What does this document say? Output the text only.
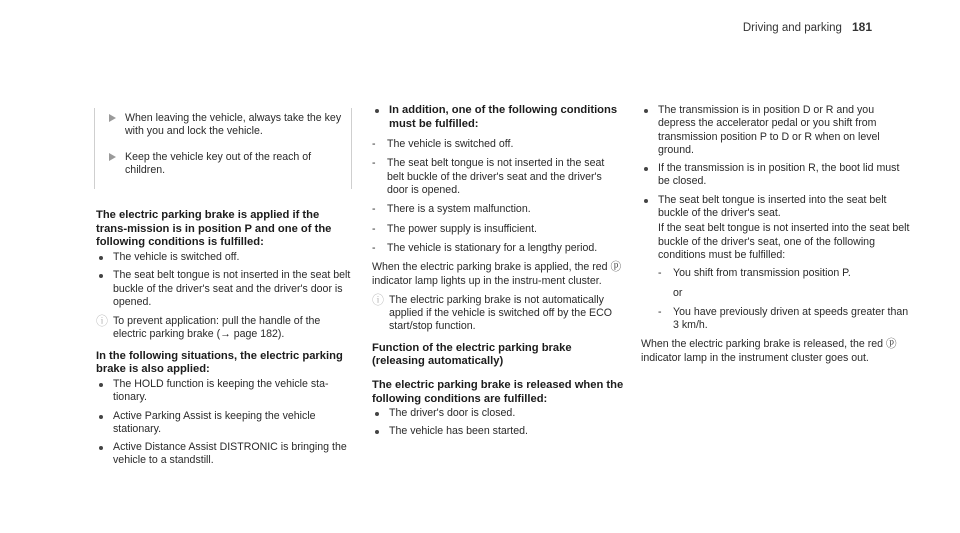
Driving and parking 181
When leaving the vehicle, always take the key with you and lock the vehicle.
Keep the vehicle key out of the reach of children.
The electric parking brake is applied if the trans-mission is in position P and one of the following conditions is fulfilled:
The vehicle is switched off.
The seat belt tongue is not inserted in the seat belt buckle of the driver's seat and the driver's door is opened.
ⓘ To prevent application: pull the handle of the electric parking brake (→ page 182).
In the following situations, the electric parking brake is also applied:
The HOLD function is keeping the vehicle sta-tionary.
Active Parking Assist is keeping the vehicle stationary.
Active Distance Assist DISTRONIC is bringing the vehicle to a standstill.
In addition, one of the following conditions must be fulfilled:
- The vehicle is switched off.
- The seat belt tongue is not inserted in the seat belt buckle of the driver's seat and the driver's door is opened.
- There is a system malfunction.
- The power supply is insufficient.
- The vehicle is stationary for a lengthy period.
When the electric parking brake is applied, the red ⓟ indicator lamp lights up in the instru-ment cluster.
ⓘ The electric parking brake is not automatically applied if the vehicle is switched off by the ECO start/stop function.
Function of the electric parking brake (releasing automatically)
The electric parking brake is released when the following conditions are fulfilled:
The driver's door is closed.
The vehicle has been started.
The transmission is in position D or R and you depress the accelerator pedal or you shift from transmission position P to D or R when on level ground.
If the transmission is in position R, the boot lid must be closed.
The seat belt tongue is inserted into the seat belt buckle of the driver's seat.
If the seat belt tongue is not inserted into the seat belt buckle of the driver's seat, one of the following conditions must be fulfilled:
- You shift from transmission position P.
or
- You have previously driven at speeds greater than 3 km/h.
When the electric parking brake is released, the red ⓟ indicator lamp in the instrument cluster goes out.
